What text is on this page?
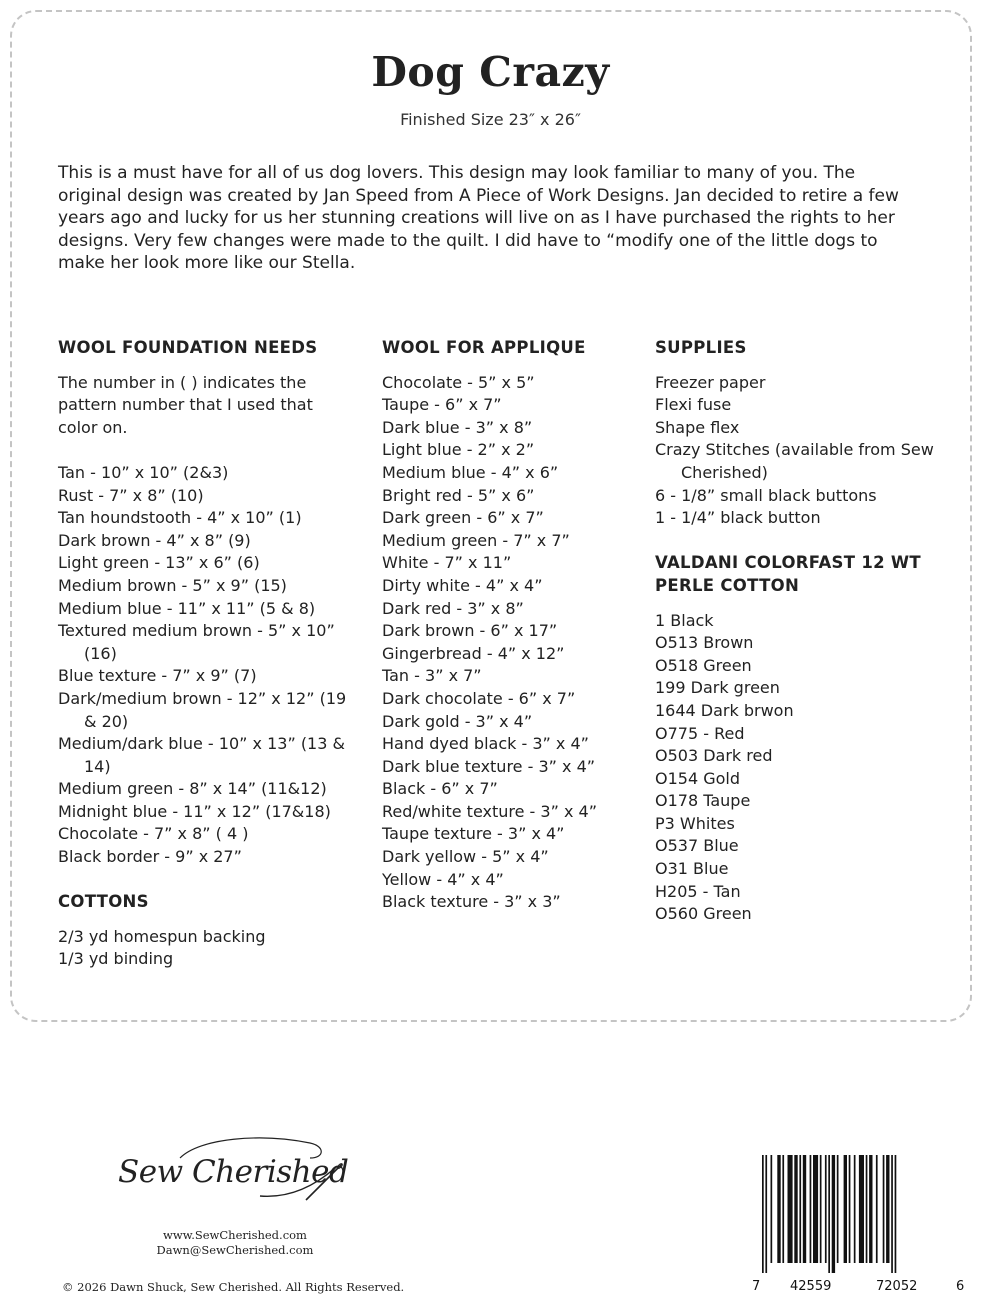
Dog Crazy
Finished Size 23″ x 26″

This is a must have for all of us dog lovers. This design may look familiar to many of you. The original design was created by Jan Speed from A Piece of Work Designs. Jan decided to retire a few years ago and lucky for us her stunning creations will live on as I have purchased the rights to her designs. Very few changes were made to the quilt. I did have to “modify one of the little dogs to make her look more like our Stella.

WOOL FOUNDATION NEEDS
The number in ( ) indicates the pattern number that I used that color on.
Tan - 10” x 10” (2&3)
Rust - 7” x 8” (10)
Tan houndstooth - 4” x 10” (1)
Dark brown - 4” x 8” (9)
Light green - 13” x 6” (6)
Medium brown - 5” x 9” (15)
Medium blue - 11” x 11” (5 & 8)
Textured medium brown - 5” x 10” (16)
Blue texture - 7” x 9” (7)
Dark/medium brown - 12” x 12” (19 & 20)
Medium/dark blue - 10” x 13” (13 & 14)
Medium green - 8” x 14” (11&12)
Midnight blue - 11” x 12” (17&18)
Chocolate - 7” x 8” ( 4 )
Black border - 9” x 27”
COTTONS
2/3 yd homespun backing
1/3 yd binding
WOOL FOR APPLIQUE
Chocolate - 5” x 5”
Taupe - 6” x 7”
Dark blue - 3” x 8”
Light blue - 2” x 2”
Medium blue - 4” x 6”
Bright red - 5” x 6”
Dark green - 6” x 7”
Medium green - 7” x 7”
White - 7” x 11”
Dirty white - 4” x 4”
Dark red - 3” x 8”
Dark brown - 6” x 17”
Gingerbread - 4” x 12”
Tan - 3” x 7”
Dark chocolate - 6” x 7”
Dark gold - 3” x 4”
Hand dyed black - 3” x 4”
Dark blue texture - 3” x 4”
Black - 6” x 7”
Red/white texture - 3” x 4”
Taupe texture - 3” x 4”
Dark yellow - 5” x 4”
Yellow - 4” x 4”
Black texture - 3” x 3”
SUPPLIES
Freezer paper
Flexi fuse
Shape flex
Crazy Stitches (available from Sew Cherished)
6 - 1/8” small black buttons
1 - 1/4” black button
VALDANI COLORFAST 12 WT
PERLE COTTON
1 Black
O513 Brown
O518 Green
199 Dark green
1644 Dark brwon
O775 - Red
O503 Dark red
O154 Gold
O178 Taupe
P3 Whites
O537 Blue
O31 Blue
H205 - Tan
O560 Green
Sew Cherished
www.SewCherished.com
Dawn@SewCherished.com
© 2026 Dawn Shuck, Sew Cherished. All Rights Reserved.	7 42559	72052	6
